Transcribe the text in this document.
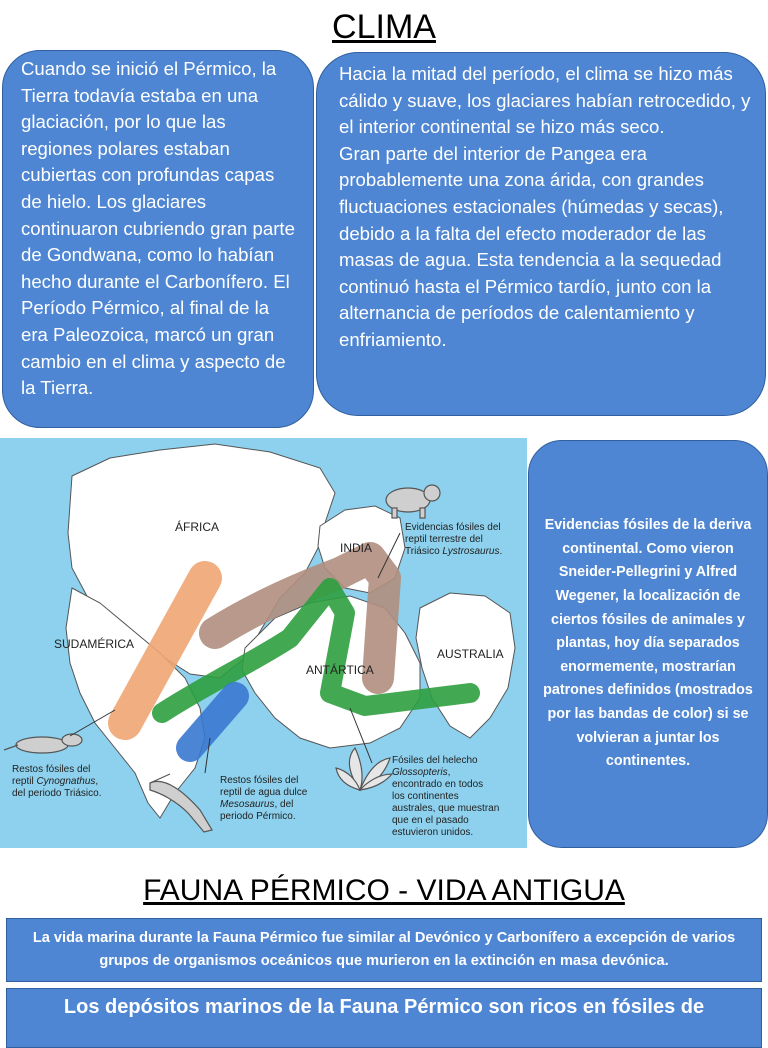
CLIMA

Cuando se inició el Pérmico, la Tierra todavía estaba en una glaciación, por lo que las regiones polares estaban cubiertas con profundas capas de hielo. Los glaciares continuaron cubriendo gran parte de Gondwana, como lo habían hecho durante el Carbonífero. El Período Pérmico, al final de la era Paleozoica, marcó un gran cambio en el clima y aspecto de la Tierra.

Hacia la mitad del período, el clima se hizo más cálido y suave, los glaciares habían retrocedido, y el interior continental se hizo más seco.

Gran parte del interior de Pangea era probablemente una zona árida, con grandes fluctuaciones estacionales (húmedas y secas), debido a la falta del efecto moderador de las masas de agua. Esta tendencia a la sequedad continuó hasta el Pérmico tardío, junto con la alternancia de períodos de calentamiento y enfriamiento.

ÁFRICA
INDIA
SUDAMÉRICA
ANTÁRTICA
AUSTRALIA
Evidencias fósiles del reptil terrestre del Triásico Lystrosaurus.
Restos fósiles del reptil Cynognathus, del periodo Triásico.
Restos fósiles del reptil de agua dulce Mesosaurus, del periodo Pérmico.
Fósiles del helecho Glossopteris, encontrado en todos los continentes australes, que muestran que en el pasado estuvieron unidos.
Evidencias fósiles de la deriva continental. Como vieron Sneider-Pellegrini y Alfred Wegener, la localización de ciertos fósiles de animales y plantas, hoy día separados enormemente, mostrarían patrones definidos (mostrados por las bandas de color) si se volvieran a juntar los continentes.
FAUNA PÉRMICO - VIDA ANTIGUA
La vida marina durante la Fauna Pérmico fue similar al Devónico y Carbonífero a excepción de varios grupos de organismos oceánicos que murieron en la extinción en masa devónica.
Los depósitos marinos de la Fauna Pérmico son ricos en fósiles de
